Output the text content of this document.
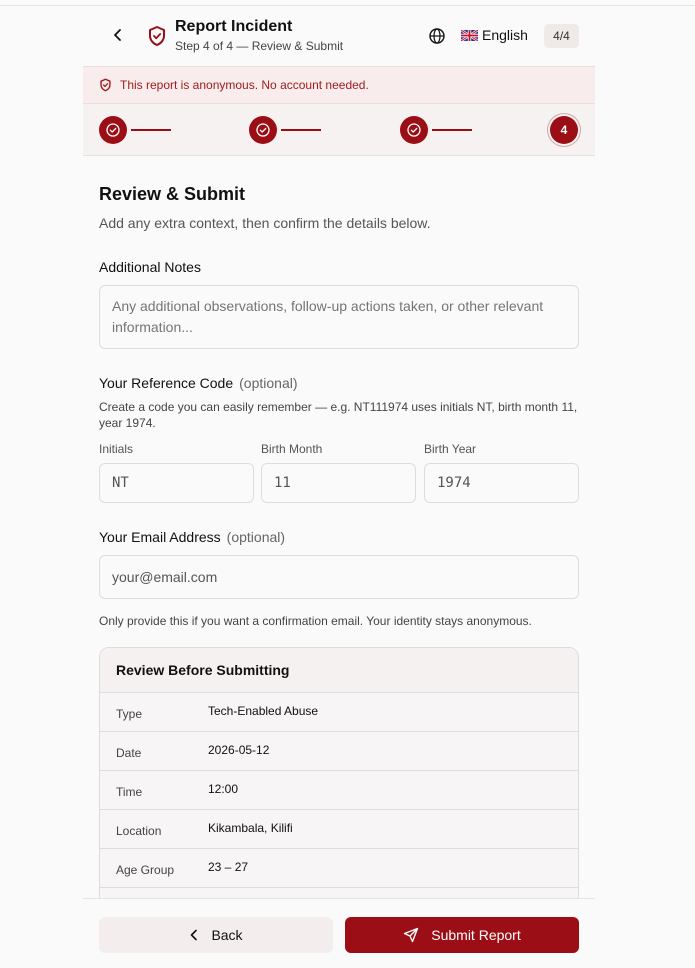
Report Incident
Step 4 of 4 — Review & Submit
English	4/4
This report is anonymous. No account needed.
4
Review & Submit
Add any extra context, then confirm the details below.
Additional Notes
Any additional observations, follow-up actions taken, or other relevant information...
Your Reference Code (optional)
Create a code you can easily remember — e.g. NT111974 uses initials NT, birth month 11, year 1974.
Initials	Birth Month	Birth Year
NT	11	1974
Your Email Address (optional)
your@email.com
Only provide this if you want a confirmation email. Your identity stays anonymous.
Review Before Submitting
Type	Tech-Enabled Abuse
Date	2026-05-12
Time	12:00
Location	Kikambala, Kilifi
Age Group	23 – 27
Back	Submit Report
